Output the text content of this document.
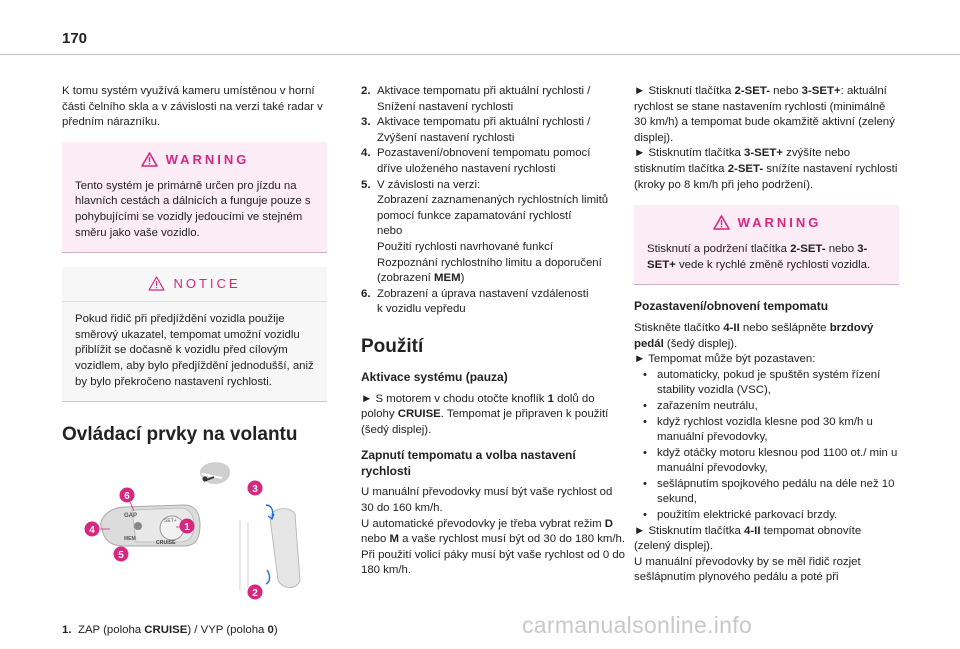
170

K tomu systém využívá kameru umístěnou v horní části čelního skla a v závislosti na verzi také radar v předním nárazníku.

WARNING

Tento systém je primárně určen pro jízdu na hlavních cestách a dálnicích a funguje pouze s pohybujícími se vozidly jedoucími ve stejném směru jako vaše vozidlo.

NOTICE

Pokud řidič při předjíždění vozidla použije směrový ukazatel, tempomat umožní vozidlu přiblížit se dočasně k vozidlu před cílovým vozidlem, aby bylo předjíždění jednodušší, aniž by bylo překročeno nastavení rychlosti.

Ovládací prvky na volantu
SET+
GAP
MEM
CRUISE
6
4
5
1
3
2
1. ZAP (poloha CRUISE) / VYP (poloha 0)
2. Aktivace tempomatu při aktuální rychlosti /
Snížení nastavení rychlosti
3. Aktivace tempomatu při aktuální rychlosti /
Zvýšení nastavení rychlosti
4. Pozastavení/obnovení tempomatu pomocí
dříve uloženého nastavení rychlosti
5. V závislosti na verzi:
Zobrazení zaznamenaných rychlostních limitů
pomocí funkce zapamatování rychlostí
nebo
Použití rychlosti navrhované funkcí
Rozpoznání rychlostního limitu a doporučení
(zobrazení MEM)
6. Zobrazení a úprava nastavení vzdálenosti
k vozidlu vepředu
Použití
Aktivace systému (pauza)

► S motorem v chodu otočte knoflík 1 dolů do polohy CRUISE. Tempomat je připraven k použití (šedý displej).

Zapnutí tempomatu a volba nastavení rychlosti

U manuální převodovky musí být vaše rychlost od 30 do 160 km/h.

U automatické převodovky je třeba vybrat režim D nebo M a vaše rychlost musí být od 30 do 180 km/h.

Při použití volicí páky musí být vaše rychlost od 0 do 180 km/h.

► Stisknutí tlačítka 2-SET- nebo 3-SET+: aktuální rychlost se stane nastavením rychlosti (minimálně 30 km/h) a tempomat bude okamžitě aktivní (zelený displej).

► Stisknutím tlačítka 3-SET+ zvýšíte nebo stisknutím tlačítka 2-SET- snížíte nastavení rychlosti (kroky po 8 km/h při jeho podržení).

WARNING

Stisknutí a podržení tlačítka 2-SET- nebo 3-SET+ vede k rychlé změně rychlosti vozidla.

Pozastavení/obnovení tempomatu

Stiskněte tlačítko 4-II nebo sešlápněte brzdový pedál (šedý displej).

► Tempomat může být pozastaven:

• automaticky, pokud je spuštěn systém řízení stability vozidla (VSC),
• zařazením neutrálu,
• když rychlost vozidla klesne pod 30 km/h u manuální převodovky,
• když otáčky motoru klesnou pod 1100 ot./ min u manuální převodovky,
• sešlápnutím spojkového pedálu na déle než 10 sekund,
• použitím elektrické parkovací brzdy.

► Stisknutím tlačítka 4-II tempomat obnovíte (zelený displej).

U manuální převodovky by se měl řidič rozjet sešlápnutím plynového pedálu a poté při

carmanualsonline.info
